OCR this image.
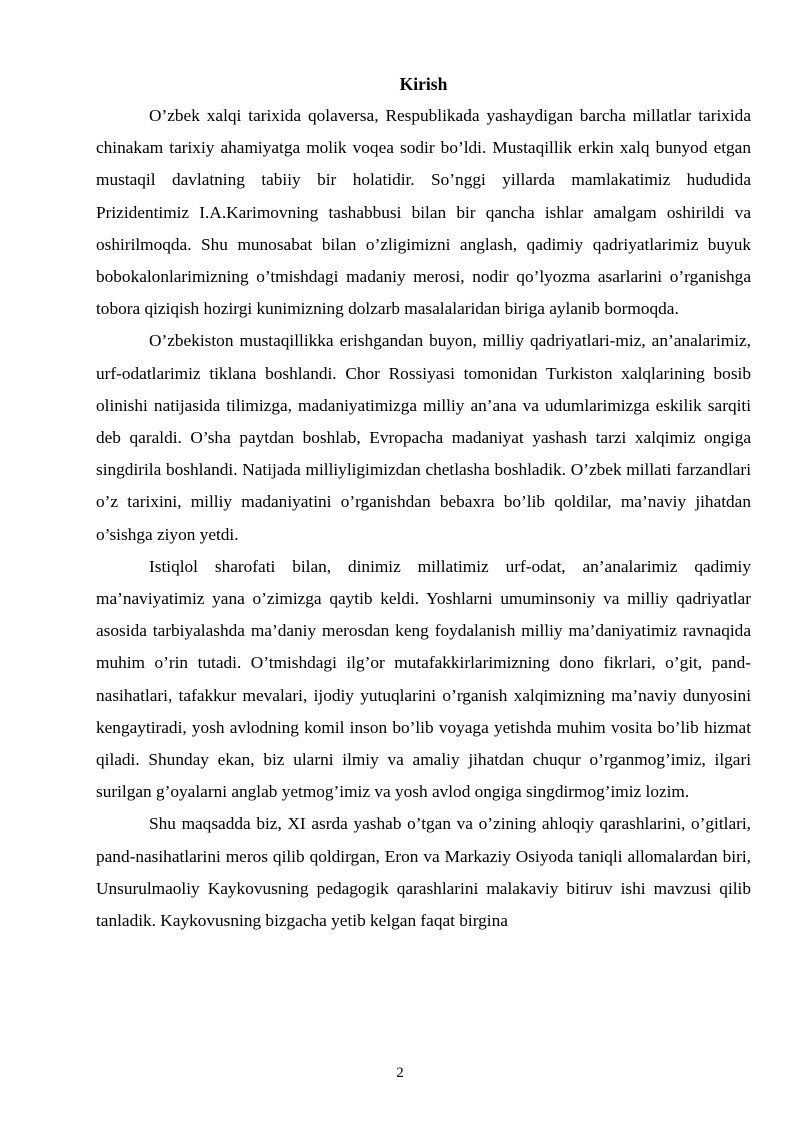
Kirish

O’zbek xalqi tarixida qolaversa, Respublikada yashaydigan barcha millatlar tarixida chinakam tarixiy ahamiyatga molik voqea sodir bo’ldi. Mustaqillik erkin xalq bunyod etgan mustaqil davlatning tabiiy bir holatidir. So’nggi yillarda mamlakatimiz hududida Prizidentimiz I.A.Karimovning tashabbusi bilan bir qancha ishlar amalgam oshirildi va oshirilmoqda. Shu munosabat bilan o’zligimizni anglash, qadimiy qadriyatlarimiz buyuk bobokalonlarimizning o’tmishdagi madaniy merosi, nodir qo’lyozma asarlarini o’rganishga tobora qiziqish hozirgi kunimizning dolzarb masalalaridan biriga aylanib bormoqda.

O’zbekiston mustaqillikka erishgandan buyon, milliy qadriyatlari-miz, an’analarimiz, urf-odatlarimiz tiklana boshlandi. Chor Rossiyasi tomonidan Turkiston xalqlarining bosib olinishi natijasida tilimizga, madaniyatimizga milliy an’ana va udumlarimizga eskilik sarqiti deb qaraldi. O’sha paytdan boshlab, Evropacha madaniyat yashash tarzi xalqimiz ongiga singdirila boshlandi. Natijada milliyligimizdan chetlasha boshladik. O’zbek millati farzandlari o’z tarixini, milliy madaniyatini o’rganishdan bebaxra bo’lib qoldilar, ma’naviy jihatdan o’sishga ziyon yetdi.

Istiqlol sharofati bilan, dinimiz millatimiz urf-odat, an’analarimiz qadimiy ma’naviyatimiz yana o’zimizga qaytib keldi. Yoshlarni umuminsoniy va milliy qadriyatlar asosida tarbiyalashda ma’daniy merosdan keng foydalanish milliy ma’daniyatimiz ravnaqida muhim o’rin tutadi. O’tmishdagi ilg’or mutafakkirlarimizning dono fikrlari, o’git, pand-nasihatlari, tafakkur mevalari, ijodiy yutuqlarini o’rganish xalqimizning ma’naviy dunyosini kengaytiradi, yosh avlodning komil inson bo’lib voyaga yetishda muhim vosita bo’lib hizmat qiladi. Shunday ekan, biz ularni ilmiy va amaliy jihatdan chuqur o’rganmog’imiz, ilgari surilgan g’oyalarni anglab yetmog’imiz va yosh avlod ongiga singdirmog’imiz lozim.

Shu maqsadda biz, XI asrda yashab o’tgan va o’zining ahloqiy qarashlarini, o’gitlari, pand-nasihatlarini meros qilib qoldirgan, Eron va Markaziy Osiyoda taniqli allomalardan biri, Unsurulmaoliy Kaykovusning pedagogik qarashlarini malakaviy bitiruv ishi mavzusi qilib tanladik. Kaykovusning bizgacha yetib kelgan faqat birgina

2
